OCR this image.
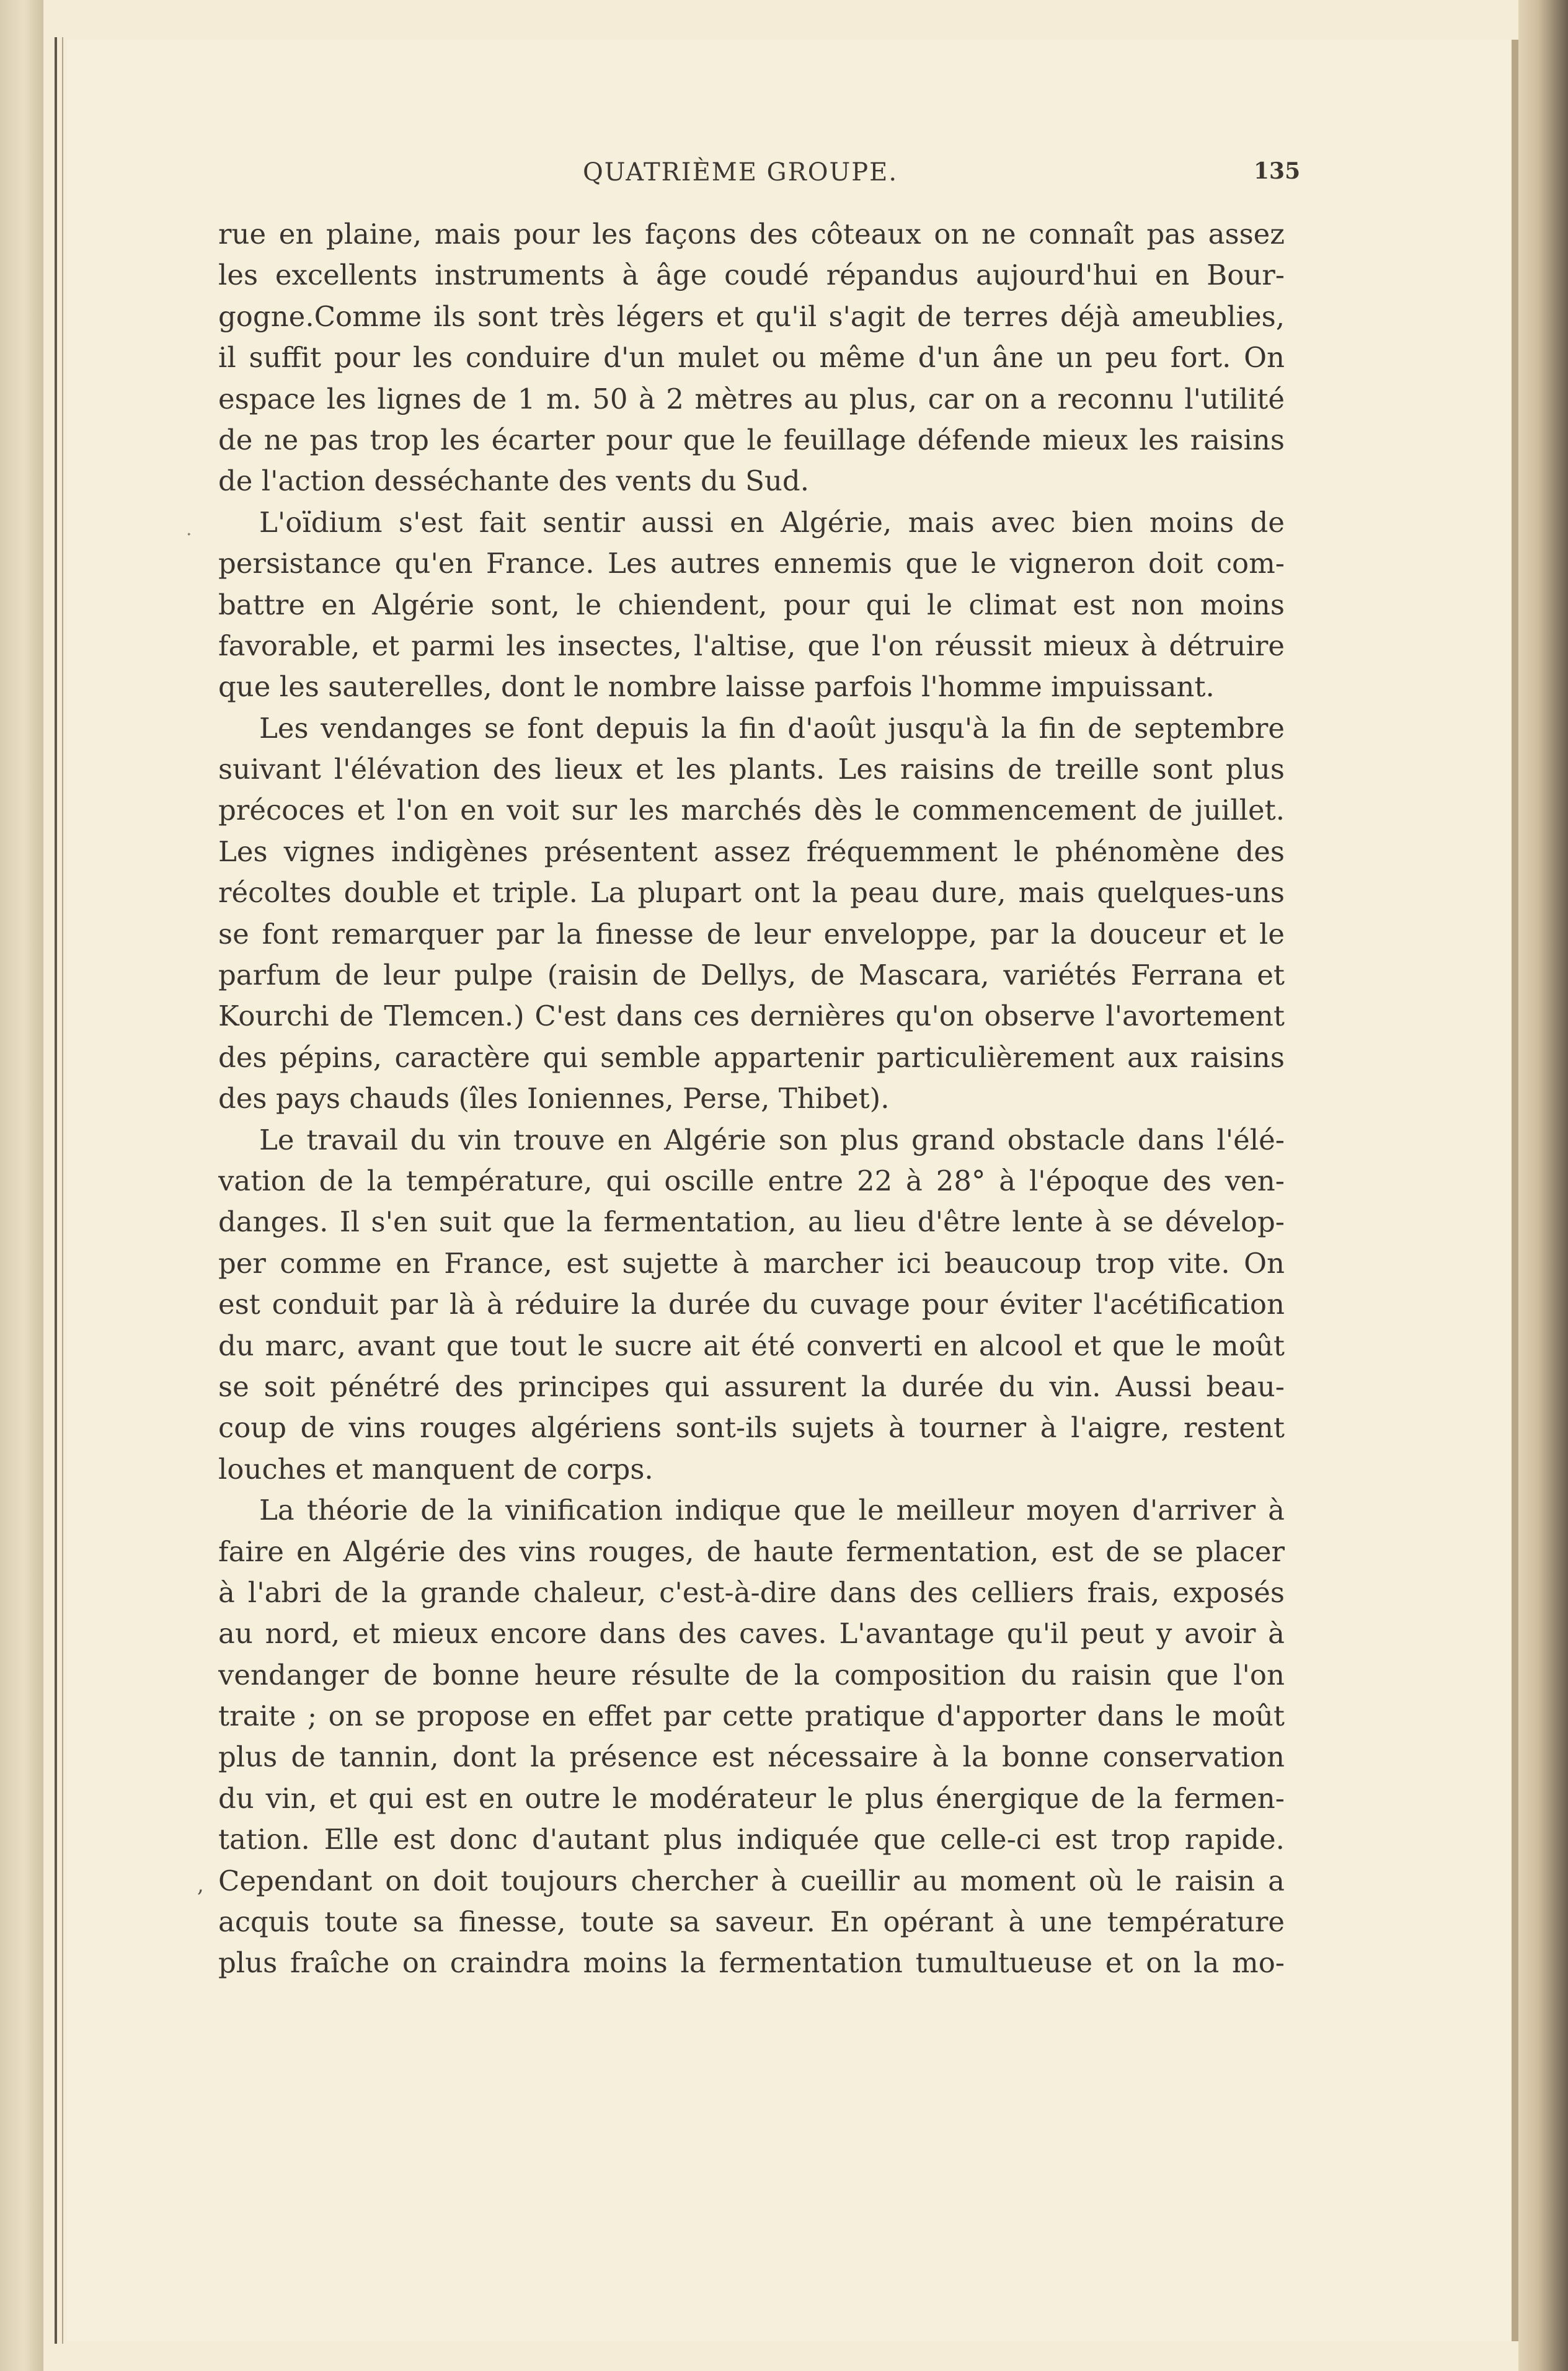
QUATRIÈME GROUPE.	135
.
,
rue en plaine, mais pour les façons des côteaux on ne connaît pas assez
les excellents instruments à âge coudé répandus aujourd'hui en Bour-
gogne.Comme ils sont très légers et qu'il s'agit de terres déjà ameublies,
il suffit pour les conduire d'un mulet ou même d'un âne un peu fort. On
espace les lignes de 1 m. 50 à 2 mètres au plus, car on a reconnu l'utilité
de ne pas trop les écarter pour que le feuillage défende mieux les raisins
de l'action desséchante des vents du Sud.
L'oïdium s'est fait sentir aussi en Algérie, mais avec bien moins de
persistance qu'en France. Les autres ennemis que le vigneron doit com-
battre en Algérie sont, le chiendent, pour qui le climat est non moins
favorable, et parmi les insectes, l'altise, que l'on réussit mieux à détruire
que les sauterelles, dont le nombre laisse parfois l'homme impuissant.
Les vendanges se font depuis la fin d'août jusqu'à la fin de septembre
suivant l'élévation des lieux et les plants. Les raisins de treille sont plus
précoces et l'on en voit sur les marchés dès le commencement de juillet.
Les vignes indigènes présentent assez fréquemment le phénomène des
récoltes double et triple. La plupart ont la peau dure, mais quelques-uns
se font remarquer par la finesse de leur enveloppe, par la douceur et le
parfum de leur pulpe (raisin de Dellys, de Mascara, variétés Ferrana et
Kourchi de Tlemcen.) C'est dans ces dernières qu'on observe l'avortement
des pépins, caractère qui semble appartenir particulièrement aux raisins
des pays chauds (îles Ioniennes, Perse, Thibet).
Le travail du vin trouve en Algérie son plus grand obstacle dans l'élé-
vation de la température, qui oscille entre 22 à 28° à l'époque des ven-
danges. Il s'en suit que la fermentation, au lieu d'être lente à se dévelop-
per comme en France, est sujette à marcher ici beaucoup trop vite. On
est conduit par là à réduire la durée du cuvage pour éviter l'acétification
du marc, avant que tout le sucre ait été converti en alcool et que le moût
se soit pénétré des principes qui assurent la durée du vin. Aussi beau-
coup de vins rouges algériens sont-ils sujets à tourner à l'aigre, restent
louches et manquent de corps.
La théorie de la vinification indique que le meilleur moyen d'arriver à
faire en Algérie des vins rouges, de haute fermentation, est de se placer
à l'abri de la grande chaleur, c'est-à-dire dans des celliers frais, exposés
au nord, et mieux encore dans des caves. L'avantage qu'il peut y avoir à
vendanger de bonne heure résulte de la composition du raisin que l'on
traite ; on se propose en effet par cette pratique d'apporter dans le moût
plus de tannin, dont la présence est nécessaire à la bonne conservation
du vin, et qui est en outre le modérateur le plus énergique de la fermen-
tation. Elle est donc d'autant plus indiquée que celle-ci est trop rapide.
Cependant on doit toujours chercher à cueillir au moment où le raisin a
acquis toute sa finesse, toute sa saveur. En opérant à une température
plus fraîche on craindra moins la fermentation tumultueuse et on la mo-
